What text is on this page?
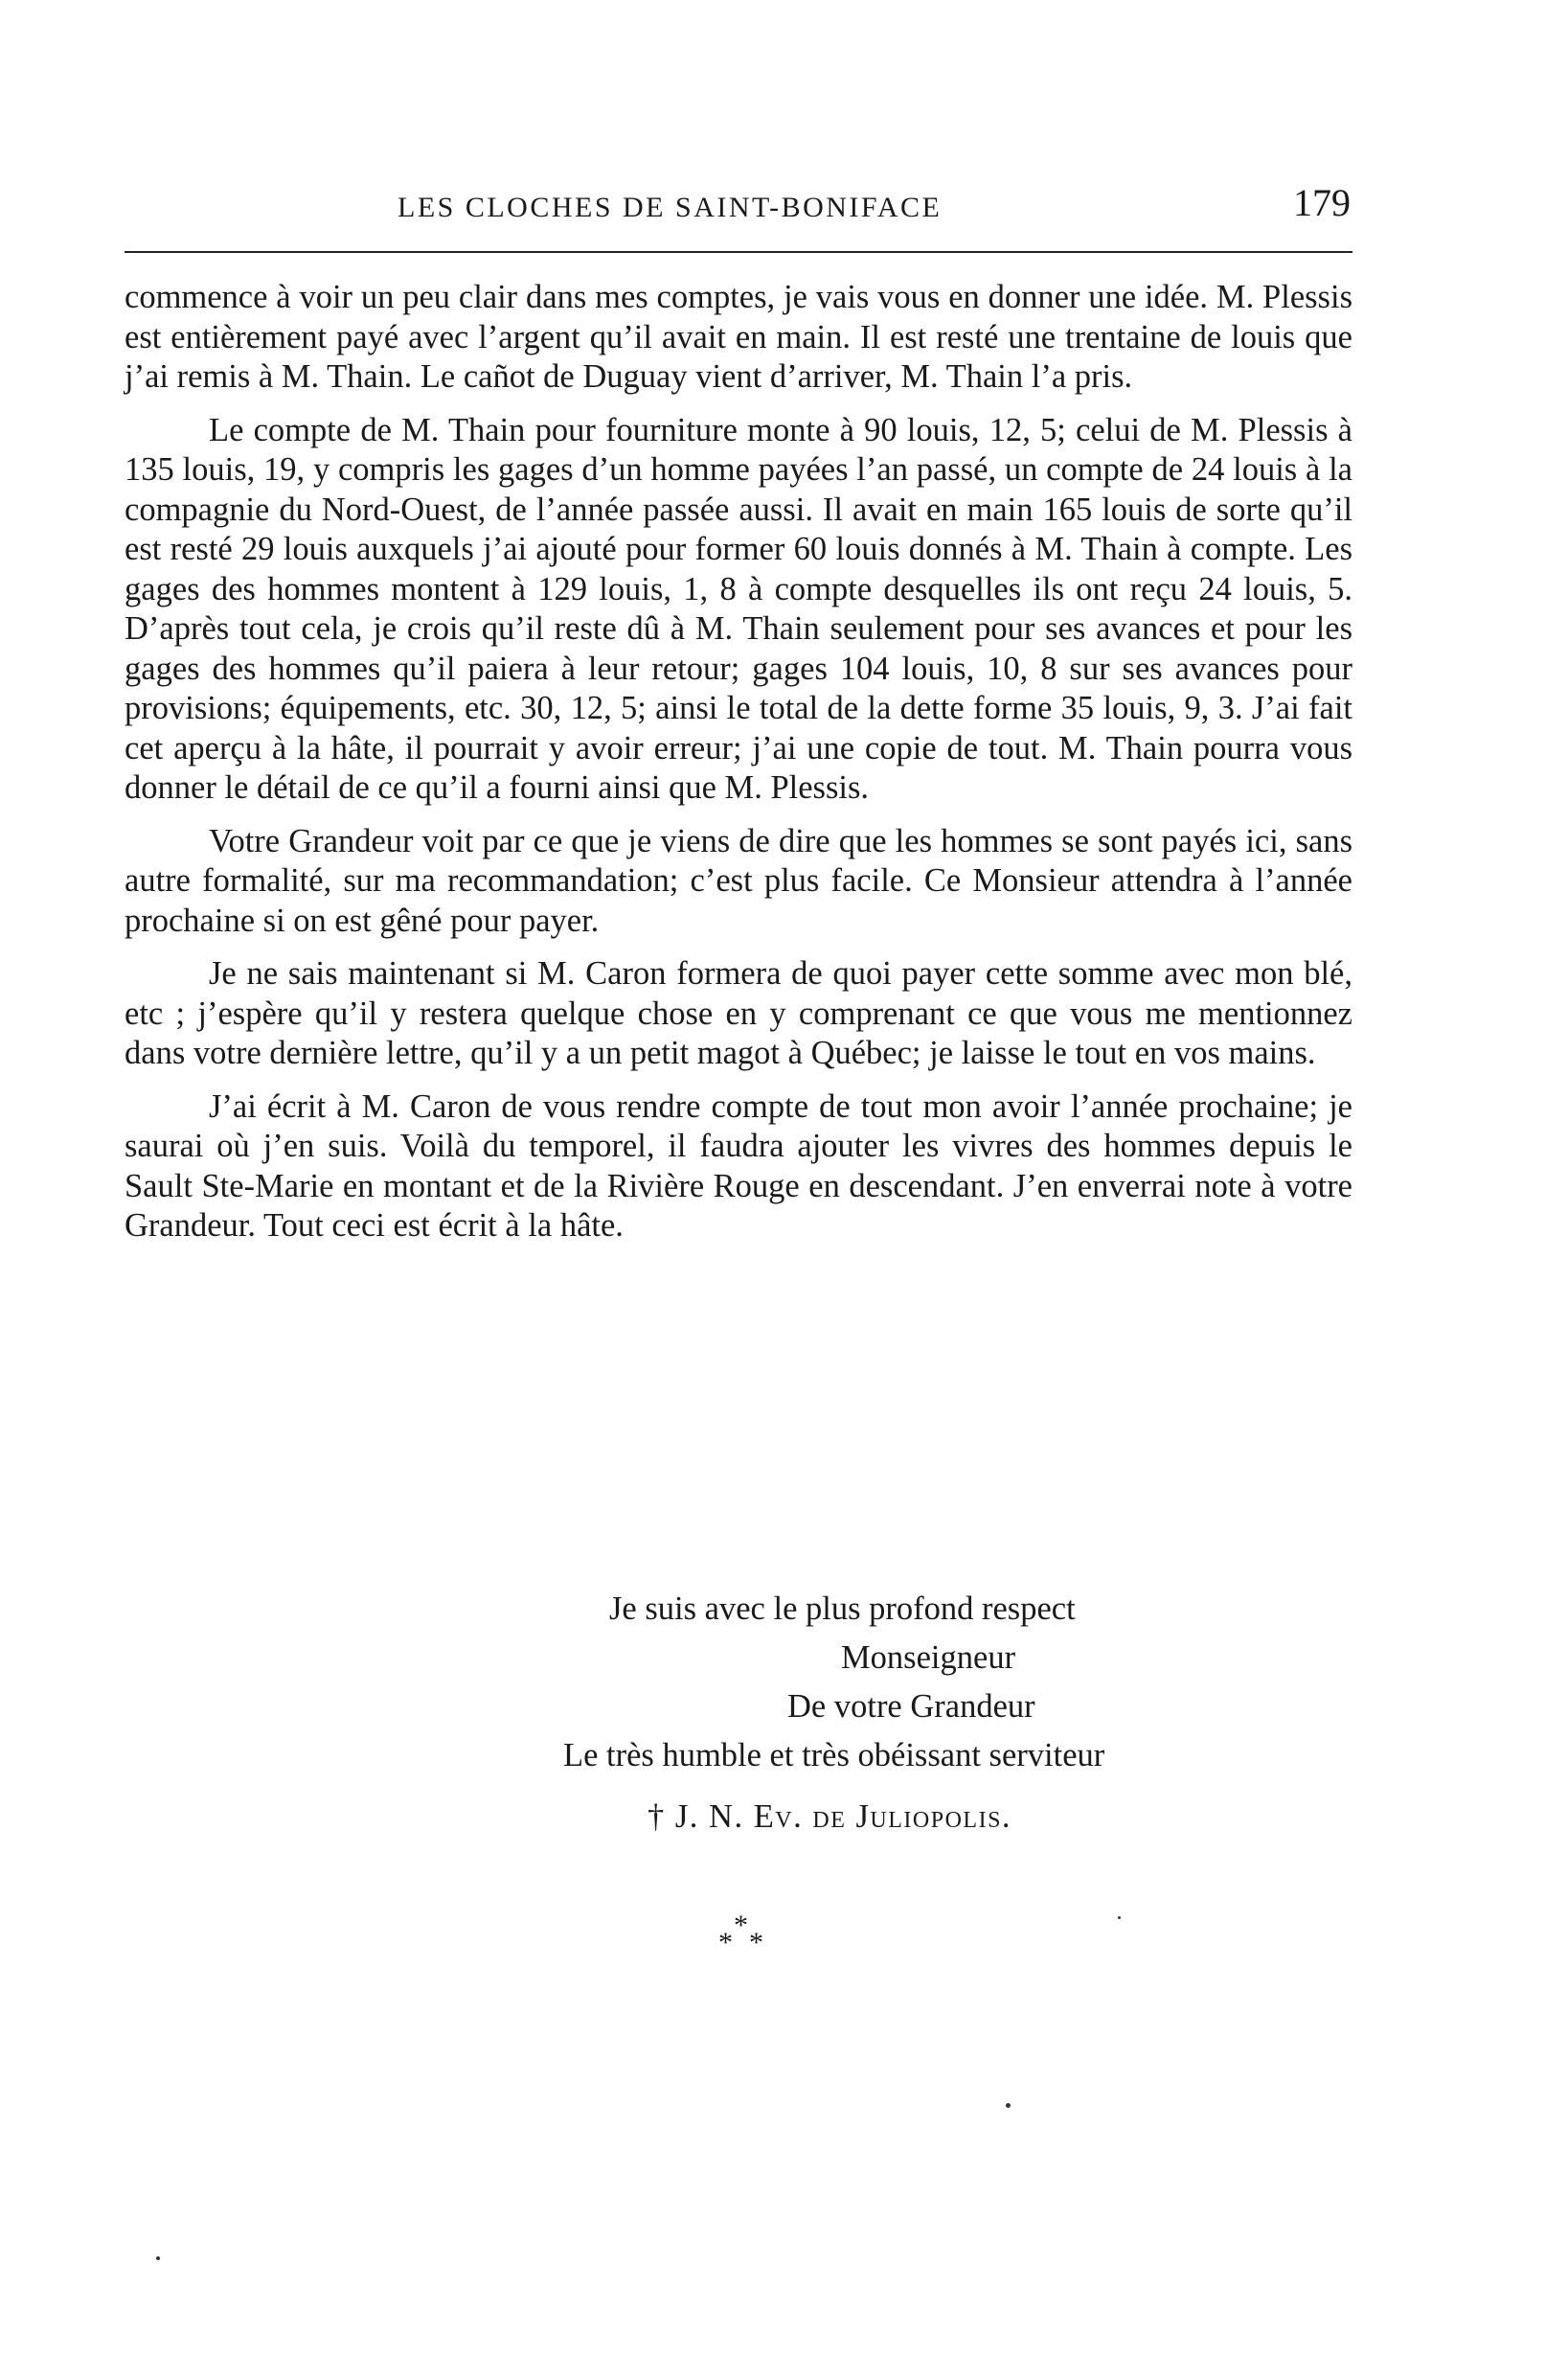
LES CLOCHES DE SAINT-BONIFACE	179

commence à voir un peu clair dans mes comptes, je vais vous en donner une idée. M. Plessis est entièrement payé avec l’argent qu’il avait en main. Il est resté une trentaine de louis que j’ai remis à M. Thain. Le cañot de Duguay vient d’arriver, M. Thain l’a pris.

Le compte de M. Thain pour fourniture monte à 90 louis, 12, 5; celui de M. Plessis à 135 louis, 19, y compris les gages d’un homme payées l’an passé, un compte de 24 louis à la compagnie du Nord-Ouest, de l’année passée aussi. Il avait en main 165 louis de sorte qu’il est resté 29 louis auxquels j’ai ajouté pour former 60 louis donnés à M. Thain à compte. Les gages des hommes montent à 129 louis, 1, 8 à compte desquelles ils ont reçu 24 louis, 5. D’après tout cela, je crois qu’il reste dû à M. Thain seulement pour ses avances et pour les gages des hommes qu’il paiera à leur retour; gages 104 louis, 10, 8 sur ses avances pour provisions; équipements, etc. 30, 12, 5; ainsi le total de la dette forme 35 louis, 9, 3. J’ai fait cet aperçu à la hâte, il pourrait y avoir erreur; j’ai une copie de tout. M. Thain pourra vous donner le détail de ce qu’il a fourni ainsi que M. Plessis.

Votre Grandeur voit par ce que je viens de dire que les hommes se sont payés ici, sans autre formalité, sur ma recommandation; c’est plus facile. Ce Monsieur attendra à l’année prochaine si on est gêné pour payer.

Je ne sais maintenant si M. Caron formera de quoi payer cette somme avec mon blé, etc ; j’espère qu’il y restera quelque chose en y comprenant ce que vous me mentionnez dans votre dernière lettre, qu’il y a un petit magot à Québec; je laisse le tout en vos mains.

J’ai écrit à M. Caron de vous rendre compte de tout mon avoir l’année prochaine; je saurai où j’en suis. Voilà du temporel, il faudra ajouter les vivres des hommes depuis le Sault Ste-Marie en montant et de la Rivière Rouge en descendant. J’en enverrai note à votre Grandeur. Tout ceci est écrit à la hâte.

Je suis avec le plus profond respect
Monseigneur
De votre Grandeur
Le très humble et très obéissant serviteur
† J. N. Ev. de Juliopolis.
*
* *
